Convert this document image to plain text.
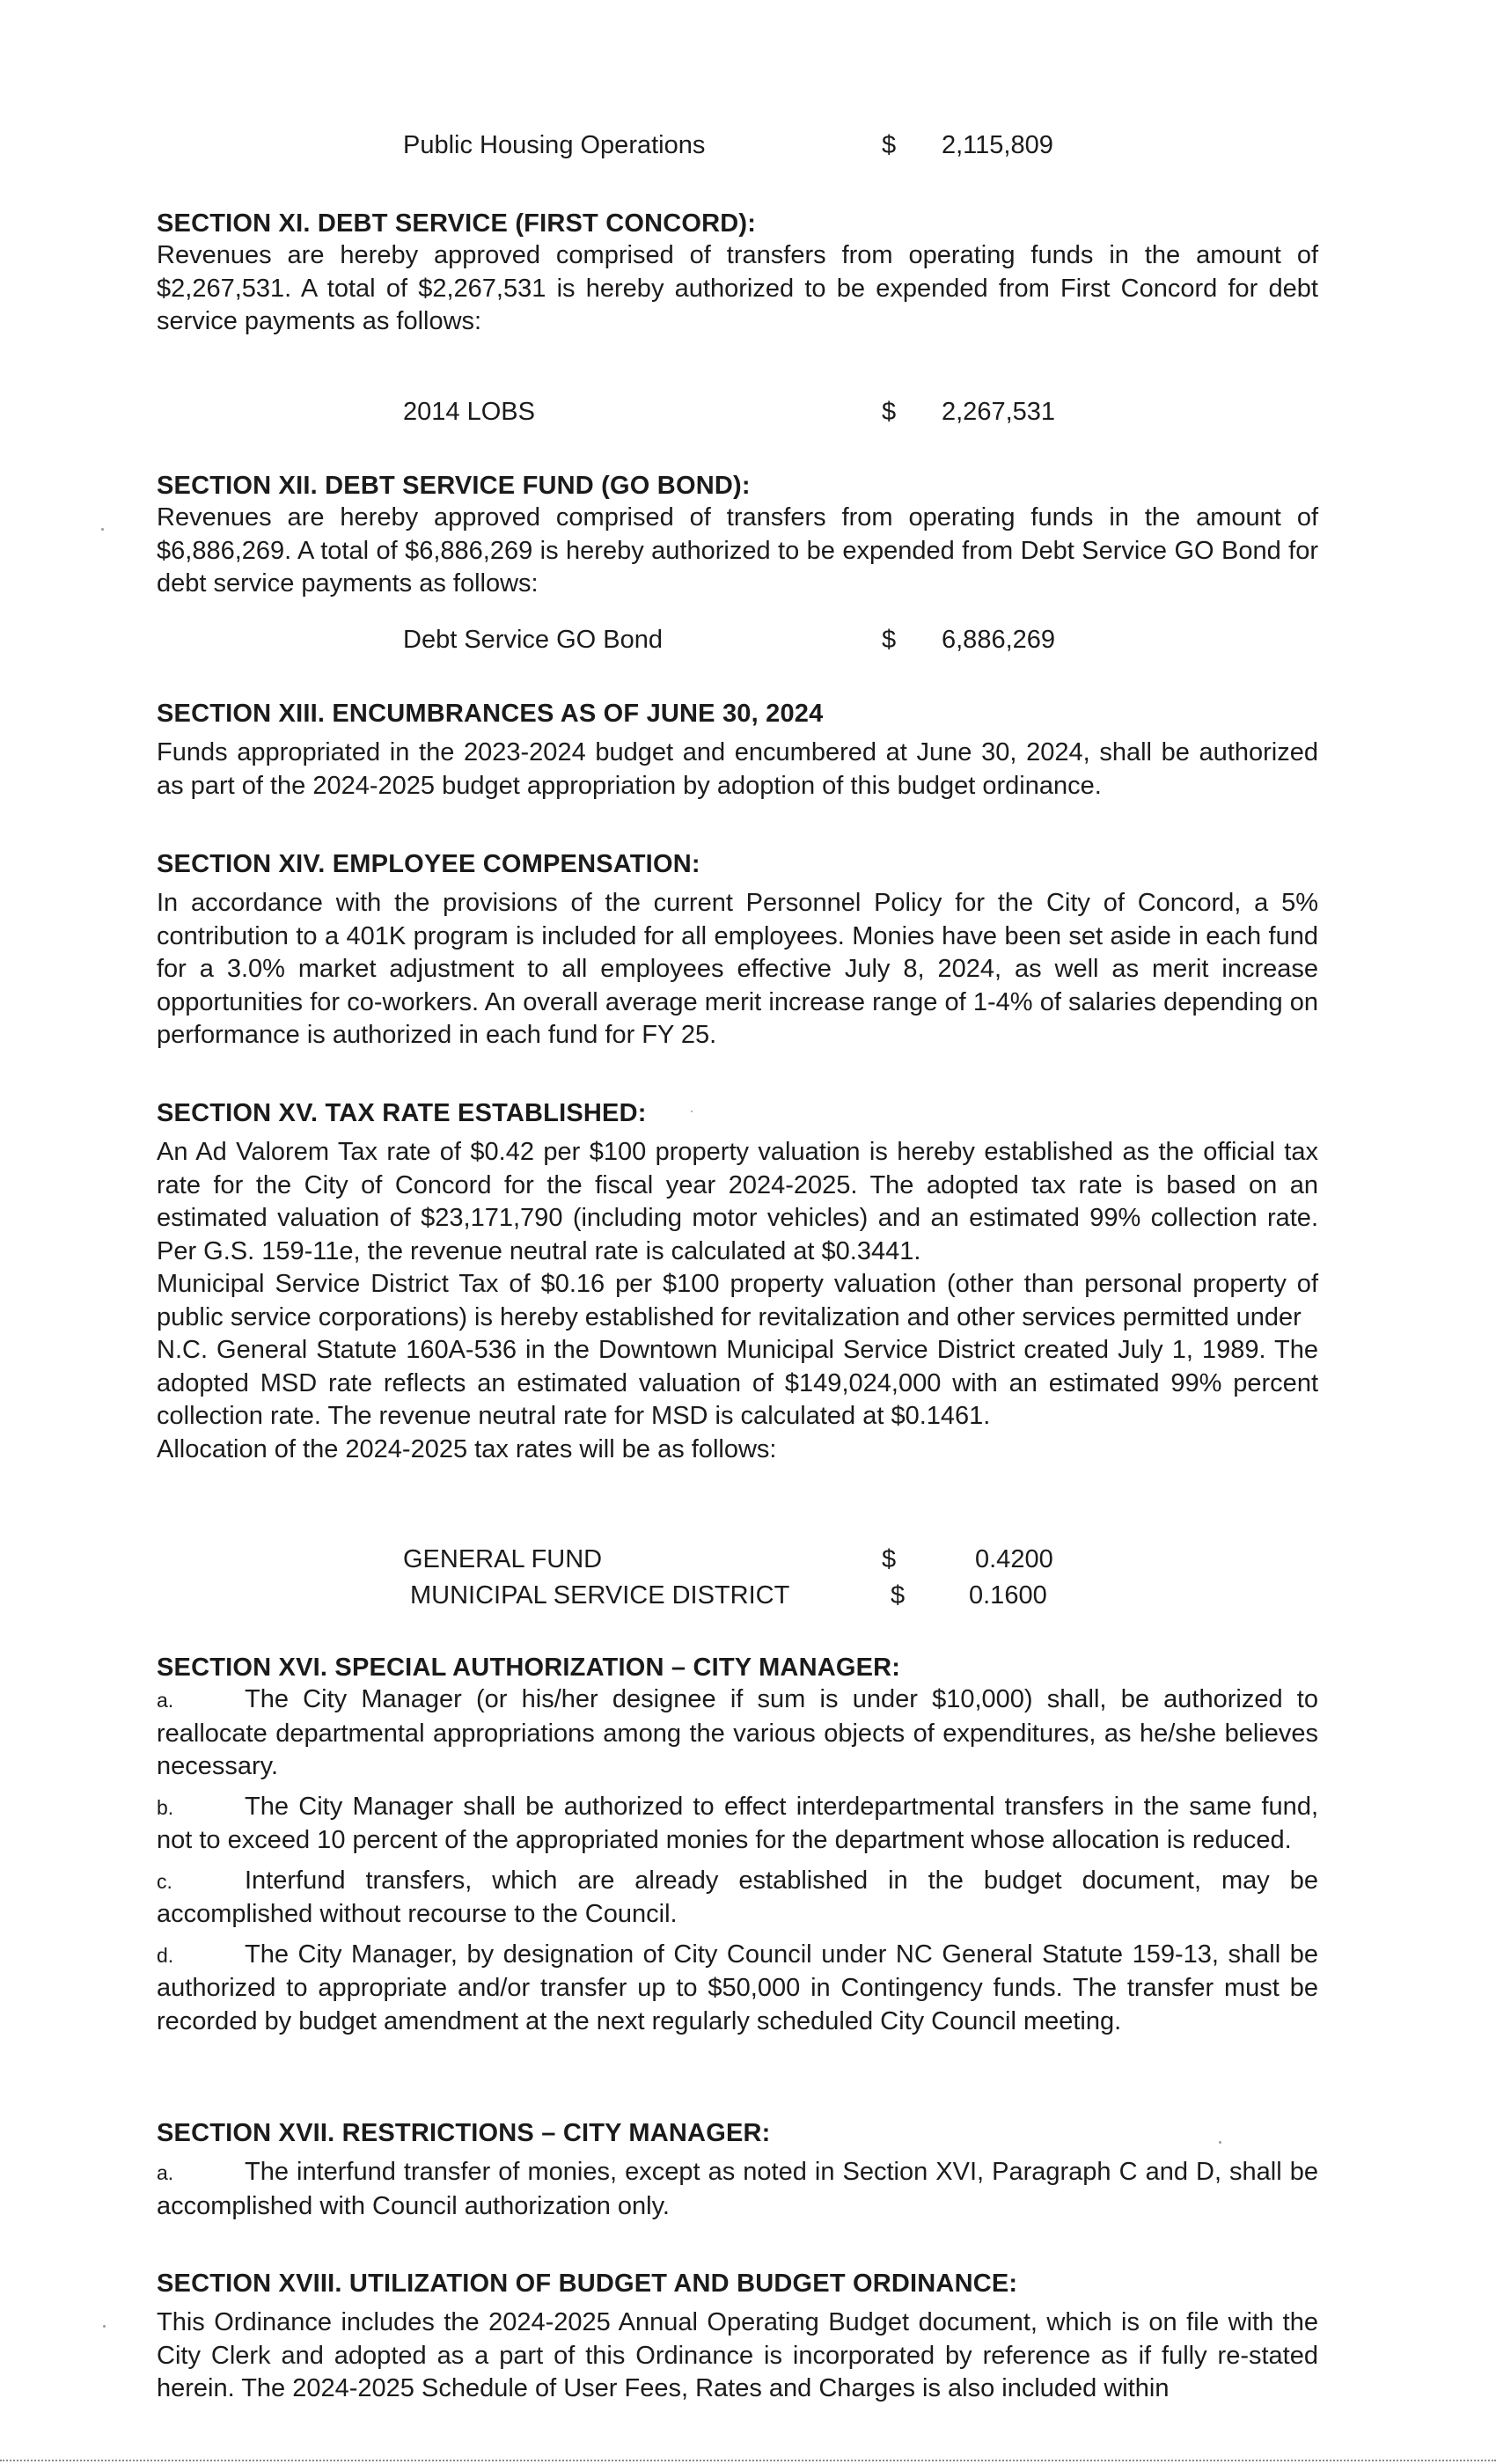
Public Housing Operations	$ 2,115,809

SECTION XI. DEBT SERVICE (FIRST CONCORD):

Revenues are hereby approved comprised of transfers from operating funds in the amount of $2,267,531. A total of $2,267,531 is hereby authorized to be expended from First Concord for debt service payments as follows:

2014 LOBS	$ 2,267,531

SECTION XII. DEBT SERVICE FUND (GO BOND):

Revenues are hereby approved comprised of transfers from operating funds in the amount of $6,886,269. A total of $6,886,269 is hereby authorized to be expended from Debt Service GO Bond for debt service payments as follows:

Debt Service GO Bond	$ 6,886,269

SECTION XIII. ENCUMBRANCES AS OF JUNE 30, 2024

Funds appropriated in the 2023-2024 budget and encumbered at June 30, 2024, shall be authorized as part of the 2024-2025 budget appropriation by adoption of this budget ordinance.

SECTION XIV. EMPLOYEE COMPENSATION:

In accordance with the provisions of the current Personnel Policy for the City of Concord, a 5% contribution to a 401K program is included for all employees. Monies have been set aside in each fund for a 3.0% market adjustment to all employees effective July 8, 2024, as well as merit increase opportunities for co-workers. An overall average merit increase range of 1-4% of salaries depending on performance is authorized in each fund for FY 25.

SECTION XV. TAX RATE ESTABLISHED:

An Ad Valorem Tax rate of $0.42 per $100 property valuation is hereby established as the official tax rate for the City of Concord for the fiscal year 2024-2025. The adopted tax rate is based on an estimated valuation of $23,171,790 (including motor vehicles) and an estimated 99% collection rate. Per G.S. 159-11e, the revenue neutral rate is calculated at $0.3441.

Municipal Service District Tax of $0.16 per $100 property valuation (other than personal property of public service corporations) is hereby established for revitalization and other services permitted under

N.C. General Statute 160A-536 in the Downtown Municipal Service District created July 1, 1989. The adopted MSD rate reflects an estimated valuation of $149,024,000 with an estimated 99% percent collection rate. The revenue neutral rate for MSD is calculated at $0.1461.

Allocation of the 2024-2025 tax rates will be as follows:

GENERAL FUND	$	0.4200
MUNICIPAL SERVICE DISTRICT	$	0.1600

SECTION XVI. SPECIAL AUTHORIZATION – CITY MANAGER:

a.	The City Manager (or his/her designee if sum is under $10,000) shall, be authorized to reallocate departmental appropriations among the various objects of expenditures, as he/she believes necessary.

b.	The City Manager shall be authorized to effect interdepartmental transfers in the same fund, not to exceed 10 percent of the appropriated monies for the department whose allocation is reduced.

c.	Interfund transfers, which are already established in the budget document, may be accomplished without recourse to the Council.

d.	The City Manager, by designation of City Council under NC General Statute 159-13, shall be authorized to appropriate and/or transfer up to $50,000 in Contingency funds. The transfer must be recorded by budget amendment at the next regularly scheduled City Council meeting.

SECTION XVII. RESTRICTIONS – CITY MANAGER:

a.	The interfund transfer of monies, except as noted in Section XVI, Paragraph C and D, shall be accomplished with Council authorization only.

SECTION XVIII. UTILIZATION OF BUDGET AND BUDGET ORDINANCE:

This Ordinance includes the 2024-2025 Annual Operating Budget document, which is on file with the City Clerk and adopted as a part of this Ordinance is incorporated by reference as if fully re-stated herein. The 2024-2025 Schedule of User Fees, Rates and Charges is also included within
